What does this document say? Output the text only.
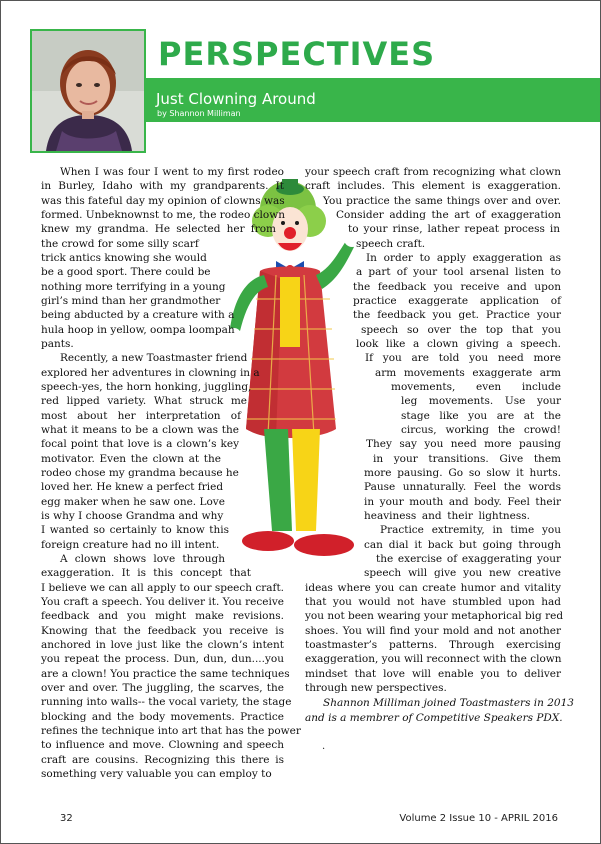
PERSPECTIVES
Just Clowning Around
by Shannon Milliman

When I was four I went to my first rodeo

in Burley, Idaho with my grandparents. It

was this fateful day my opinion of clowns was

formed. Unbeknownst to me, the rodeo clown

knew my grandma. He selected her from

the crowd for some silly scarf

trick antics knowing she would

be a good sport. There could be

nothing more terrifying in a young

girl’s mind than her grandmother

being abducted by a creature with a

hula hoop in yellow, oompa loompah

pants.

Recently, a new Toastmaster friend

explored her adventures in clowning in a

speech-yes, the horn honking, juggling,

red lipped variety. What struck me

most about her interpretation of

what it means to be a clown was the

focal point that love is a clown’s key

motivator. Even the clown at the

rodeo chose my grandma because he

loved her. He knew a perfect fried

egg maker when he saw one. Love

is why I choose Grandma and why

I wanted so certainly to know this

foreign creature had no ill intent.

A clown shows love through

exaggeration. It is this concept that

I believe we can all apply to our speech craft.

You craft a speech. You deliver it. You receive

feedback and you might make revisions.

Knowing that the feedback you receive is

anchored in love just like the clown’s intent

you repeat the process. Dun, dun, dun....you

are a clown! You practice the same techniques

over and over. The juggling, the scarves, the

running into walls-- the vocal variety, the stage

blocking and the body movements. Practice

refines the technique into art that has the power

to influence and move. Clowning and speech

craft are cousins. Recognizing this there is

something very valuable you can employ to

your speech craft from recognizing what clown

craft includes. This element is exaggeration.

You practice the same things over and over.

Consider adding the art of exaggeration

to your rinse, lather repeat process in

speech craft.

In order to apply exaggeration as

a part of your tool arsenal listen to

the feedback you receive and upon

practice exaggerate application of

the feedback you get. Practice your

speech so over the top that you

look like a clown giving a speech.

If you are told you need more

arm movements exaggerate arm

movements, even include

leg movements. Use your

stage like you are at the

circus, working the crowd!

They say you need more pausing

in your transitions. Give them

more pausing. Go so slow it hurts.

Pause unnaturally. Feel the words

in your mouth and body. Feel their

heaviness and their lightness.

Practice extremity, in time you

can dial it back but going through

the exercise of exaggerating your

speech will give you new creative

ideas where you can create humor and vitality

that you would not have stumbled upon had

you not been wearing your metaphorical big red

shoes. You will find your mold and not another

toastmaster’s patterns. Through exercising

exaggeration, you will reconnect with the clown

mindset that love will enable you to deliver

through new perspectives.

Shannon Milliman joined Toastmasters in 2013

and is a membrer of Competitive Speakers PDX.

.
32	Volume 2 Issue 10 - APRIL 2016
